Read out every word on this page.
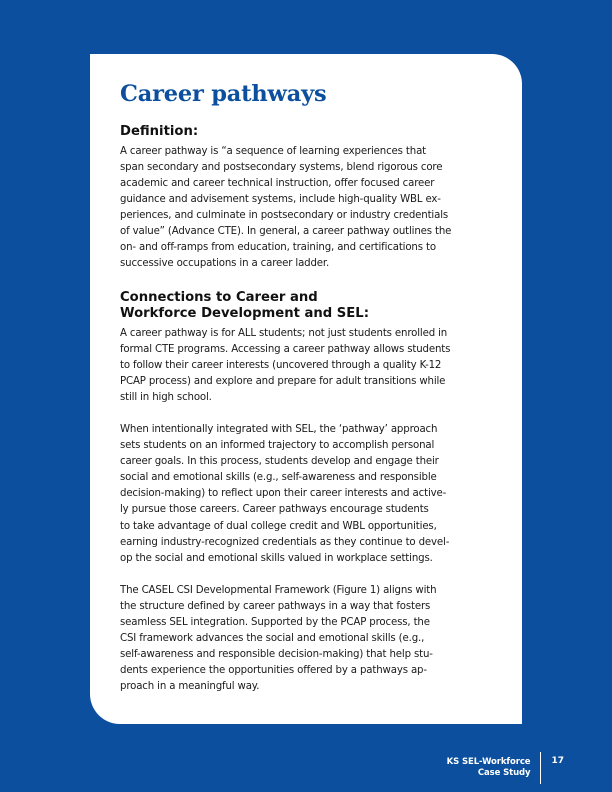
Career pathways
Definition:

A career pathway is “a sequence of learning experiences that
span secondary and postsecondary systems, blend rigorous core
academic and career technical instruction, offer focused career
guidance and advisement systems, include high-quality WBL ex-
periences, and culminate in postsecondary or industry credentials
of value” (Advance CTE). In general, a career pathway outlines the
on- and off-ramps from education, training, and certifications to
successive occupations in a career ladder.

Connections to Career and
Workforce Development and SEL:

A career pathway is for ALL students; not just students enrolled in
formal CTE programs. Accessing a career pathway allows students
to follow their career interests (uncovered through a quality K-12
PCAP process) and explore and prepare for adult transitions while
still in high school.

When intentionally integrated with SEL, the ‘pathway’ approach
sets students on an informed trajectory to accomplish personal
career goals. In this process, students develop and engage their
social and emotional skills (e.g., self-awareness and responsible
decision-making) to reflect upon their career interests and active-
ly pursue those careers. Career pathways encourage students
to take advantage of dual college credit and WBL opportunities,
earning industry-recognized credentials as they continue to devel-
op the social and emotional skills valued in workplace settings.

The CASEL CSI Developmental Framework (Figure 1) aligns with
the structure defined by career pathways in a way that fosters
seamless SEL integration. Supported by the PCAP process, the
CSI framework advances the social and emotional skills (e.g.,
self-awareness and responsible decision-making) that help stu-
dents experience the opportunities offered by a pathways ap-
proach in a meaningful way.

KS SEL-Workforce
Case Study
17
